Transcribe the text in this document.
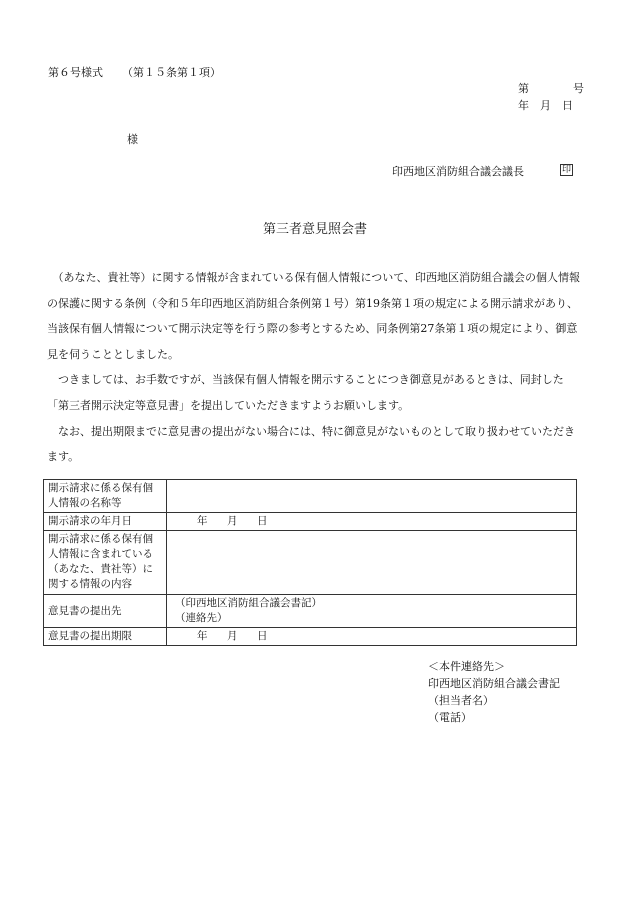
第６号様式 （第１５条第１項）
第	号
年 月 日
様
印西地区消防組合議会議長	印
第三者意見照会書

　（あなた、貴社等）に関する情報が含まれている保有個人情報について、印西地区消防組合議会の個人情報の保護に関する条例（令和５年印西地区消防組合条例第１号）第19条第１項の規定による開示請求があり、当該保有個人情報について開示決定等を行う際の参考とするため、同条例第27条第１項の規定により、御意見を伺うこととしました。

　つきましては、お手数ですが、当該保有個人情報を開示することにつき御意見があるときは、同封した「第三者開示決定等意見書」を提出していただきますようお願いします。

　なお、提出期限までに意見書の提出がない場合には、特に御意見がないものとして取り扱わせていただきます。

開示請求に係る保有個人情報の名称等	
開示請求の年月日	年 月 日
開示請求に係る保有個人情報に含まれている（あなた、貴社等）に関する情報の内容	
意見書の提出先	（印西地区消防組合議会書記）
（連絡先）

意見書の提出期限	年 月 日
＜本件連絡先＞
印西地区消防組合議会書記
（担当者名）
（電話）
